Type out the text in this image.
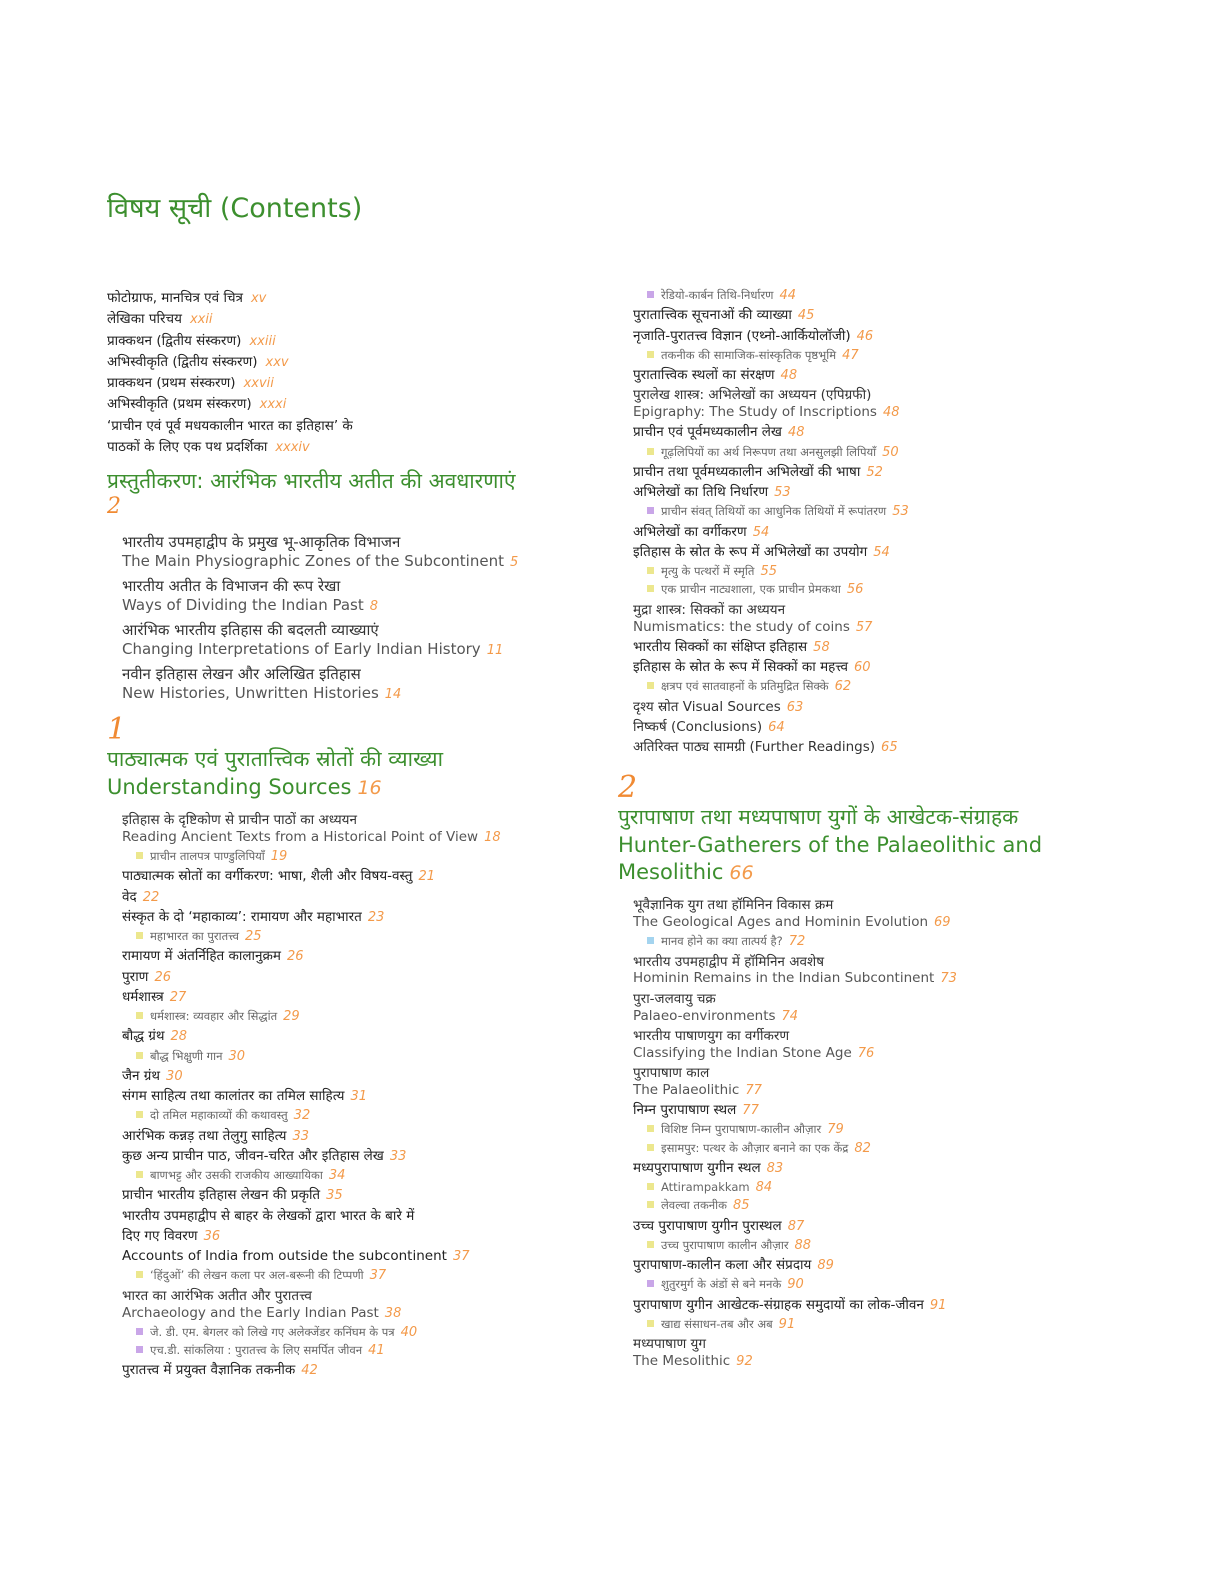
विषय सूची (Contents)
फोटोग्राफ, मानचित्र एवं चित्र xv
लेखिका परिचय xxii
प्राक्कथन (द्वितीय संस्करण) xxiii
अभिस्वीकृति (द्वितीय संस्करण) xxv
प्राक्कथन (प्रथम संस्करण) xxvii
अभिस्वीकृति (प्रथम संस्करण) xxxi
‘प्राचीन एवं पूर्व मधयकालीन भारत का इतिहास’ के
पाठकों के लिए एक पथ प्रदर्शिका xxxiv
प्रस्तुतीकरण: आरंभिक भारतीय अतीत की अवधारणाएं
2
भारतीय उपमहाद्वीप के प्रमुख भू-आकृतिक विभाजन
The Main Physiographic Zones of the Subcontinent 5
भारतीय अतीत के विभाजन की रूप रेखा
Ways of Dividing the Indian Past 8
आरंभिक भारतीय इतिहास की बदलती व्याख्याएं
Changing Interpretations of Early Indian History 11
नवीन इतिहास लेखन और अलिखित इतिहास
New Histories, Unwritten Histories 14
1
पाठ्यात्मक एवं पुरातात्त्विक स्रोतों की व्याख्या
Understanding Sources 16
इतिहास के दृष्टिकोण से प्राचीन पाठों का अध्ययन
Reading Ancient Texts from a Historical Point of View 18
प्राचीन तालपत्र पाण्डुलिपियाँ 19
पाठ्यात्मक स्रोतों का वर्गीकरण: भाषा, शैली और विषय-वस्तु 21
वेद 22
संस्कृत के दो ‘महाकाव्य’: रामायण और महाभारत 23
महाभारत का पुरातत्त्व 25
रामायण में अंतर्निहित कालानुक्रम 26
पुराण 26
धर्मशास्त्र 27
धर्मशास्त्र: व्यवहार और सिद्धांत 29
बौद्ध ग्रंथ 28
बौद्ध भिक्षुणी गान 30
जैन ग्रंथ 30
संगम साहित्य तथा कालांतर का तमिल साहित्य 31
दो तमिल महाकाव्यों की कथावस्तु 32
आरंभिक कन्नड़ तथा तेलुगु साहित्य 33
कुछ अन्य प्राचीन पाठ, जीवन-चरित और इतिहास लेख 33
बाणभट्ट और उसकी राजकीय आख्यायिका 34
प्राचीन भारतीय इतिहास लेखन की प्रकृति 35
भारतीय उपमहाद्वीप से बाहर के लेखकों द्वारा भारत के बारे में
दिए गए विवरण 36
Accounts of India from outside the subcontinent 37
‘हिंदुओं’ की लेखन कला पर अल-बरूनी की टिप्पणी 37
भारत का आरंभिक अतीत और पुरातत्त्व
Archaeology and the Early Indian Past 38
जे. डी. एम. बेगलर को लिखे गए अलेक्जेंडर कनिंघम के पत्र 40
एच.डी. सांकलिया : पुरातत्त्व के लिए समर्पित जीवन 41
पुरातत्त्व में प्रयुक्त वैज्ञानिक तकनीक 42
रेडियो-कार्बन तिथि-निर्धारण 44
पुरातात्त्विक सूचनाओं की व्याख्या 45
नृजाति-पुरातत्त्व विज्ञान (एथ्नो-आर्कियोलॉजी) 46
तकनीक की सामाजिक-सांस्कृतिक पृष्ठभूमि 47
पुरातात्त्विक स्थलों का संरक्षण 48
पुरालेख शास्त्र: अभिलेखों का अध्ययन (एपिग्रफी)
Epigraphy: The Study of Inscriptions 48
प्राचीन एवं पूर्वमध्यकालीन लेख 48
गूढ़लिपियों का अर्थ निरूपण तथा अनसुलझी लिपियाँ 50
प्राचीन तथा पूर्वमध्यकालीन अभिलेखों की भाषा 52
अभिलेखों का तिथि निर्धारण 53
प्राचीन संवत् तिथियों का आधुनिक तिथियों में रूपांतरण 53
अभिलेखों का वर्गीकरण 54
इतिहास के स्रोत के रूप में अभिलेखों का उपयोग 54
मृत्यु के पत्थरों में स्मृति 55
एक प्राचीन नाट्यशाला, एक प्राचीन प्रेमकथा 56
मुद्रा शास्त्र: सिक्कों का अध्ययन
Numismatics: the study of coins 57
भारतीय सिक्कों का संक्षिप्त इतिहास 58
इतिहास के स्रोत के रूप में सिक्कों का महत्त्व 60
क्षत्रप एवं सातवाहनों के प्रतिमुद्रित सिक्के 62
दृश्य स्रोत Visual Sources 63
निष्कर्ष (Conclusions) 64
अतिरिक्त पाठ्य सामग्री (Further Readings) 65
2
पुरापाषाण तथा मध्यपाषाण युगों के आखेटक-संग्राहक
Hunter-Gatherers of the Palaeolithic and
Mesolithic 66
भूवैज्ञानिक युग तथा हॉमिनिन विकास क्रम
The Geological Ages and Hominin Evolution 69
मानव होने का क्या तात्पर्य है? 72
भारतीय उपमहाद्वीप में हॉमिनिन अवशेष
Hominin Remains in the Indian Subcontinent 73
पुरा-जलवायु चक्र
Palaeo-environments 74
भारतीय पाषाणयुग का वर्गीकरण
Classifying the Indian Stone Age 76
पुरापाषाण काल
The Palaeolithic 77
निम्न पुरापाषाण स्थल 77
विशिष्ट निम्न पुरापाषाण-कालीन औज़ार 79
इसामपुर: पत्थर के औज़ार बनाने का एक केंद्र 82
मध्यपुरापाषाण युगीन स्थल 83
Attirampakkam 84
लेवल्वा तकनीक 85
उच्च पुरापाषाण युगीन पुरास्थल 87
उच्च पुरापाषाण कालीन औज़ार 88
पुरापाषाण-कालीन कला और संप्रदाय 89
शुतुरमुर्ग के अंडों से बने मनके 90
पुरापाषाण युगीन आखेटक-संग्राहक समुदायों का लोक-जीवन 91
खाद्य संसाधन-तब और अब 91
मध्यपाषाण युग
The Mesolithic 92
